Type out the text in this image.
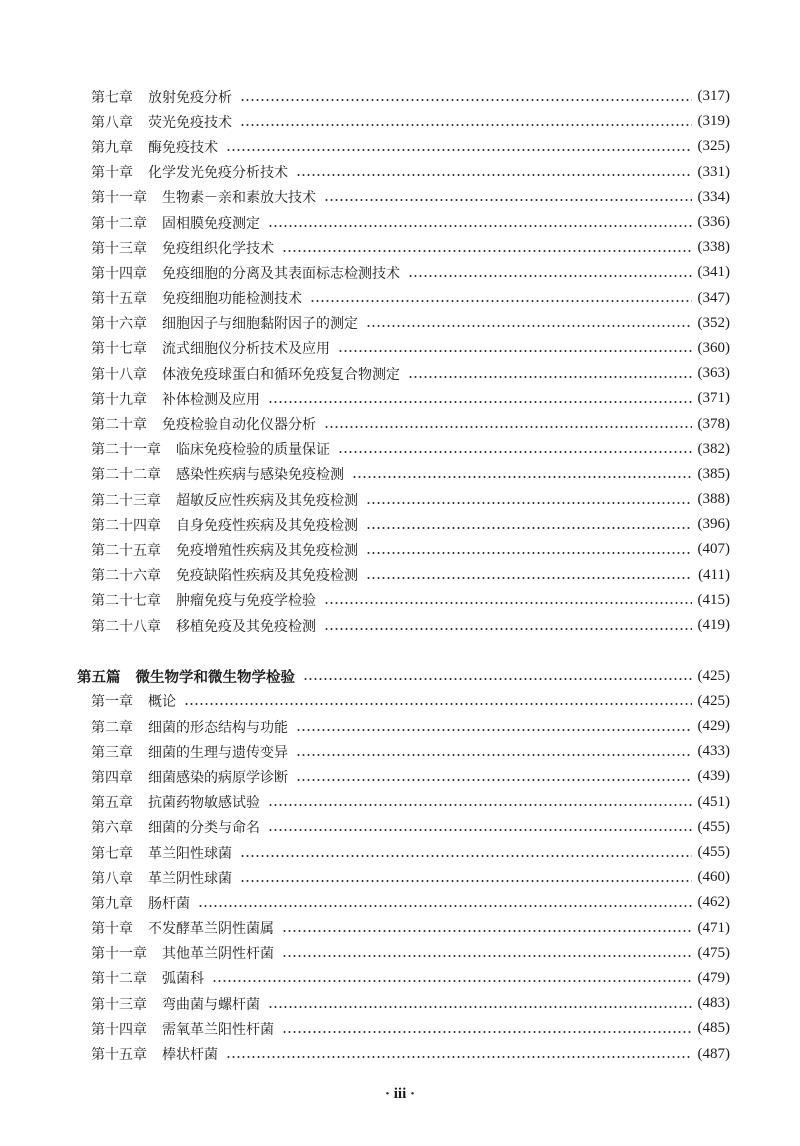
第七章 放射免疫分析	(317)
第八章 荧光免疫技术	(319)
第九章 酶免疫技术	(325)
第十章 化学发光免疫分析技术	(331)
第十一章 生物素－亲和素放大技术	(334)
第十二章 固相膜免疫测定	(336)
第十三章 免疫组织化学技术	(338)
第十四章 免疫细胞的分离及其表面标志检测技术	(341)
第十五章 免疫细胞功能检测技术	(347)
第十六章 细胞因子与细胞黏附因子的测定	(352)
第十七章 流式细胞仪分析技术及应用	(360)
第十八章 体液免疫球蛋白和循环免疫复合物测定	(363)
第十九章 补体检测及应用	(371)
第二十章 免疫检验自动化仪器分析	(378)
第二十一章 临床免疫检验的质量保证	(382)
第二十二章 感染性疾病与感染免疫检测	(385)
第二十三章 超敏反应性疾病及其免疫检测	(388)
第二十四章 自身免疫性疾病及其免疫检测	(396)
第二十五章 免疫增殖性疾病及其免疫检测	(407)
第二十六章 免疫缺陷性疾病及其免疫检测	(411)
第二十七章 肿瘤免疫与免疫学检验	(415)
第二十八章 移植免疫及其免疫检测	(419)
第五篇 微生物学和微生物学检验	(425)
第一章 概论	(425)
第二章 细菌的形态结构与功能	(429)
第三章 细菌的生理与遗传变异	(433)
第四章 细菌感染的病原学诊断	(439)
第五章 抗菌药物敏感试验	(451)
第六章 细菌的分类与命名	(455)
第七章 革兰阳性球菌	(455)
第八章 革兰阴性球菌	(460)
第九章 肠杆菌	(462)
第十章 不发酵革兰阴性菌属	(471)
第十一章 其他革兰阴性杆菌	(475)
第十二章 弧菌科	(479)
第十三章 弯曲菌与螺杆菌	(483)
第十四章 需氧革兰阳性杆菌	(485)
第十五章 棒状杆菌	(487)
· iii ·
